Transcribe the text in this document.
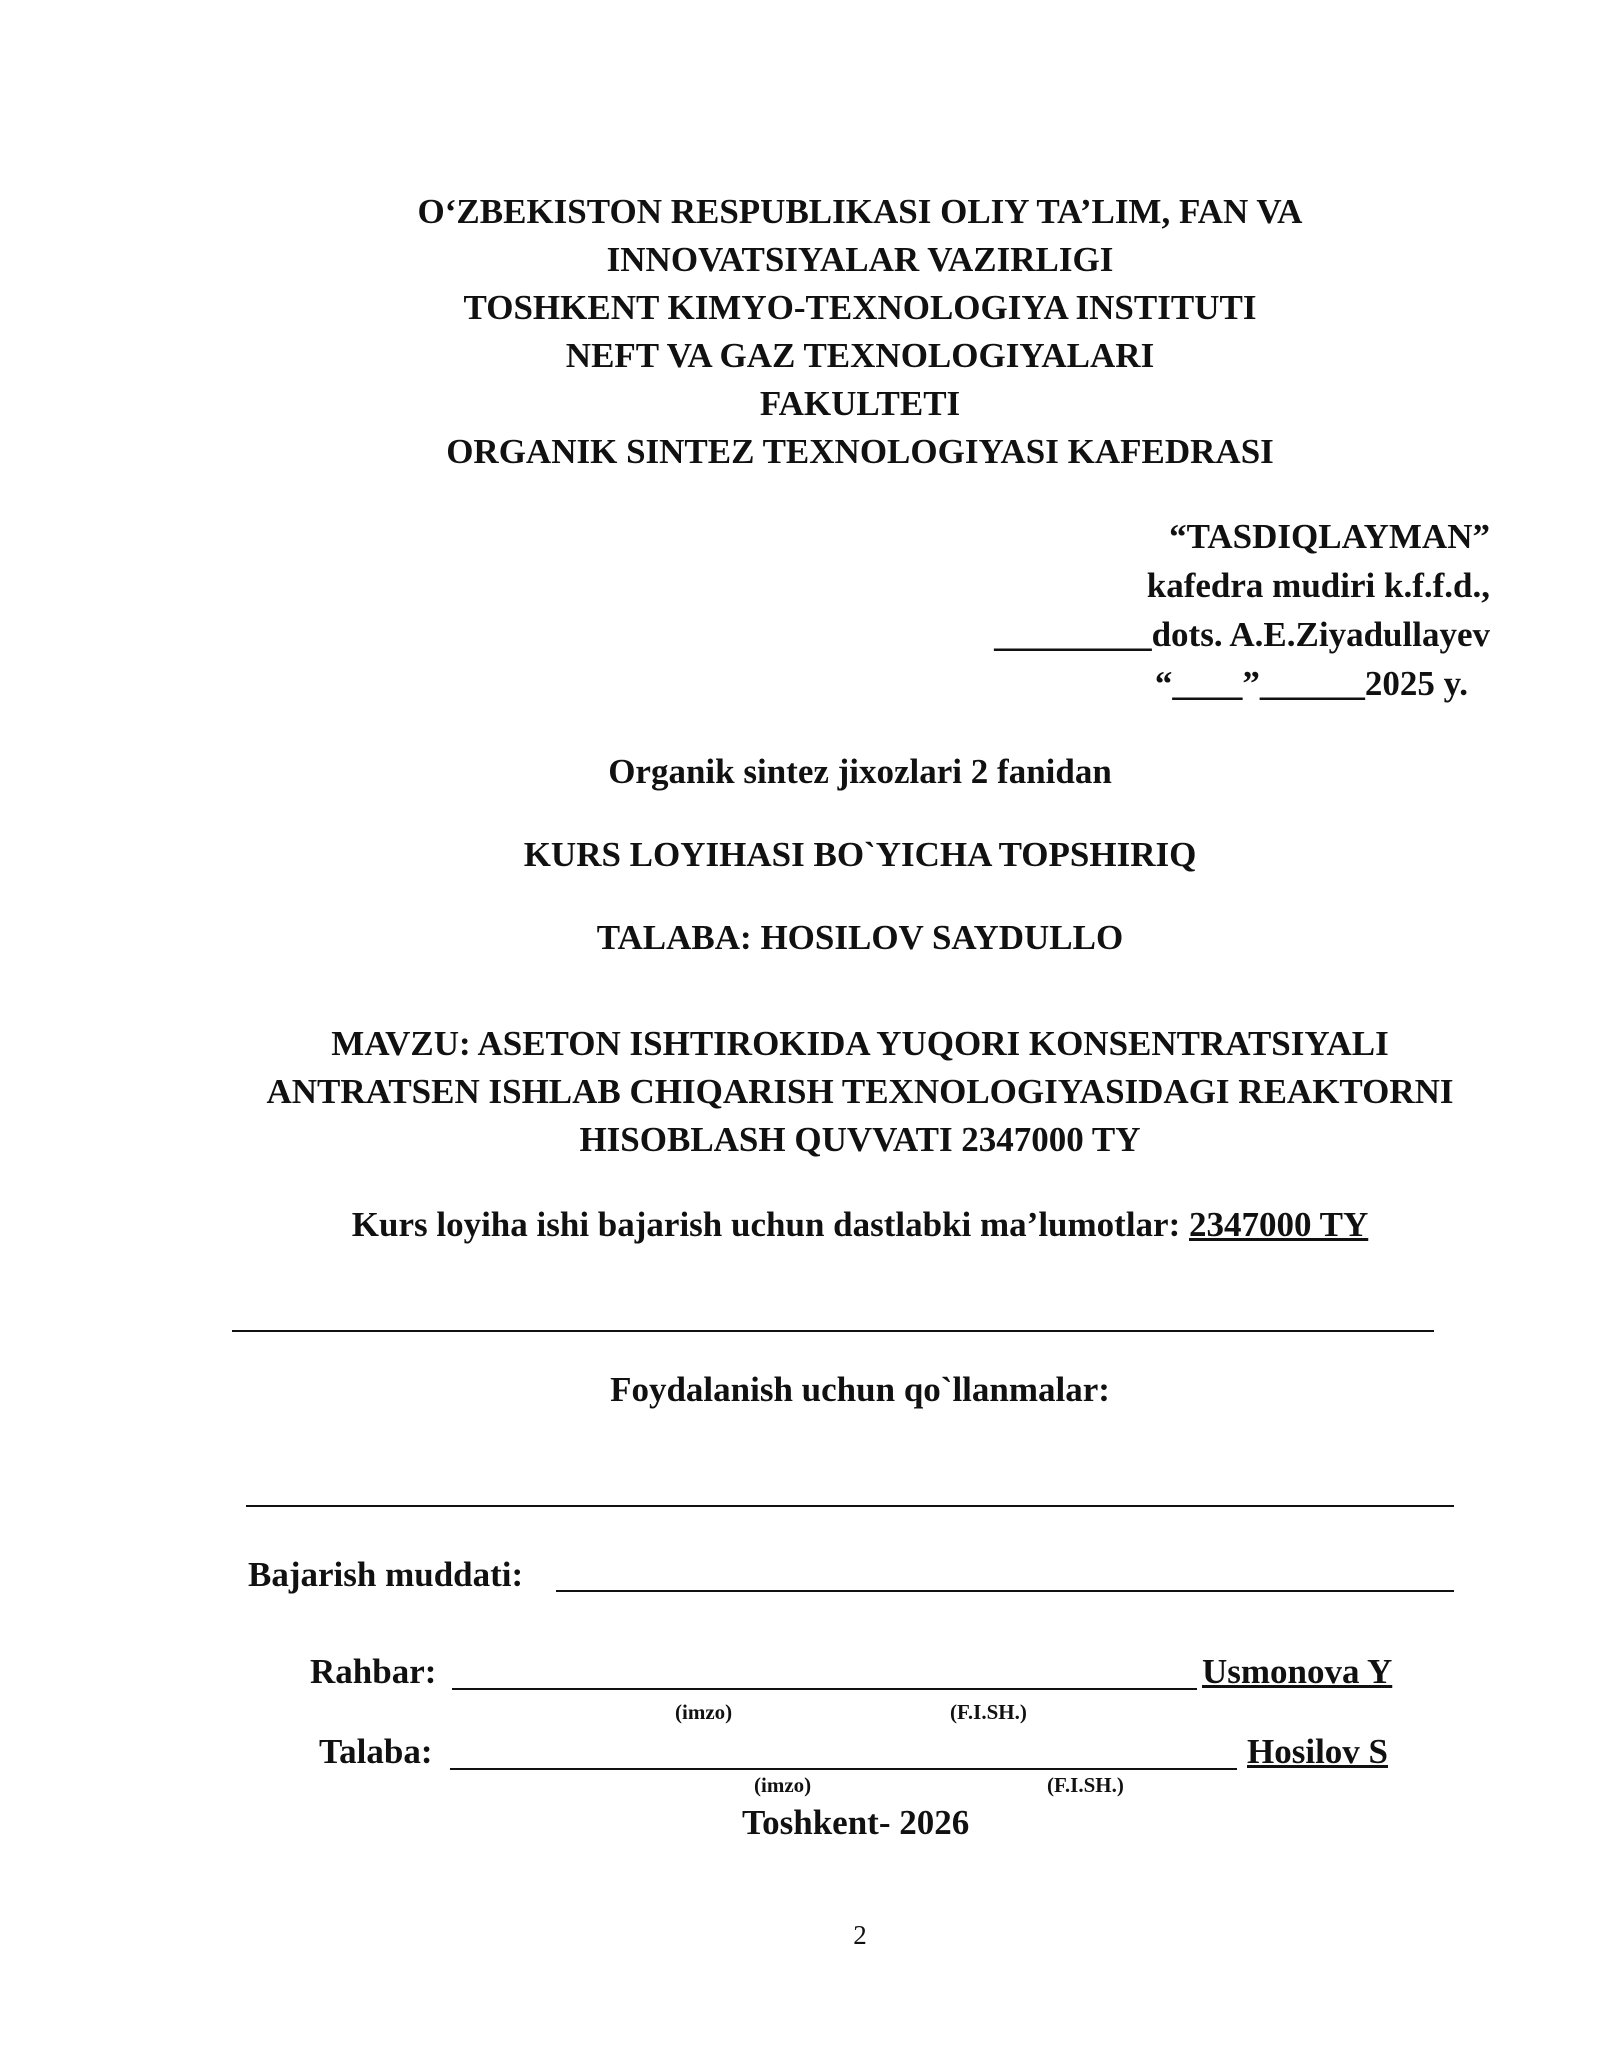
O‘ZBEKISTON RESPUBLIKASI OLIY TA’LIM, FAN VA
INNOVATSIYALAR VAZIRLIGI
TOSHKENT KIMYO-TEXNOLOGIYA INSTITUTI
NEFT VA GAZ TEXNOLOGIYALARI
FAKULTETI
ORGANIK SINTEZ TEXNOLOGIYASI KAFEDRASI
“TASDIQLAYMAN”
kafedra mudiri k.f.f.d.,
_________dots. A.E.Ziyadullayev
“____”______2025 y.
Organik sintez jixozlari 2 fanidan
KURS LOYIHASI BO`YICHA TOPSHIRIQ
TALABA: HOSILOV SAYDULLO
MAVZU: ASETON ISHTIROKIDA YUQORI KONSENTRATSIYALI
ANTRATSEN ISHLAB CHIQARISH TEXNOLOGIYASIDAGI REAKTORNI
HISOBLASH QUVVATI 2347000 TY
Kurs loyiha ishi bajarish uchun dastlabki ma’lumotlar: 2347000 TY
Foydalanish uchun qo`llanmalar:
Bajarish muddati:
Rahbar:	Usmonova Y
(imzo)	(F.I.SH.)
Talaba:	Hosilov S
(imzo)	(F.I.SH.)
Toshkent- 2026
2
